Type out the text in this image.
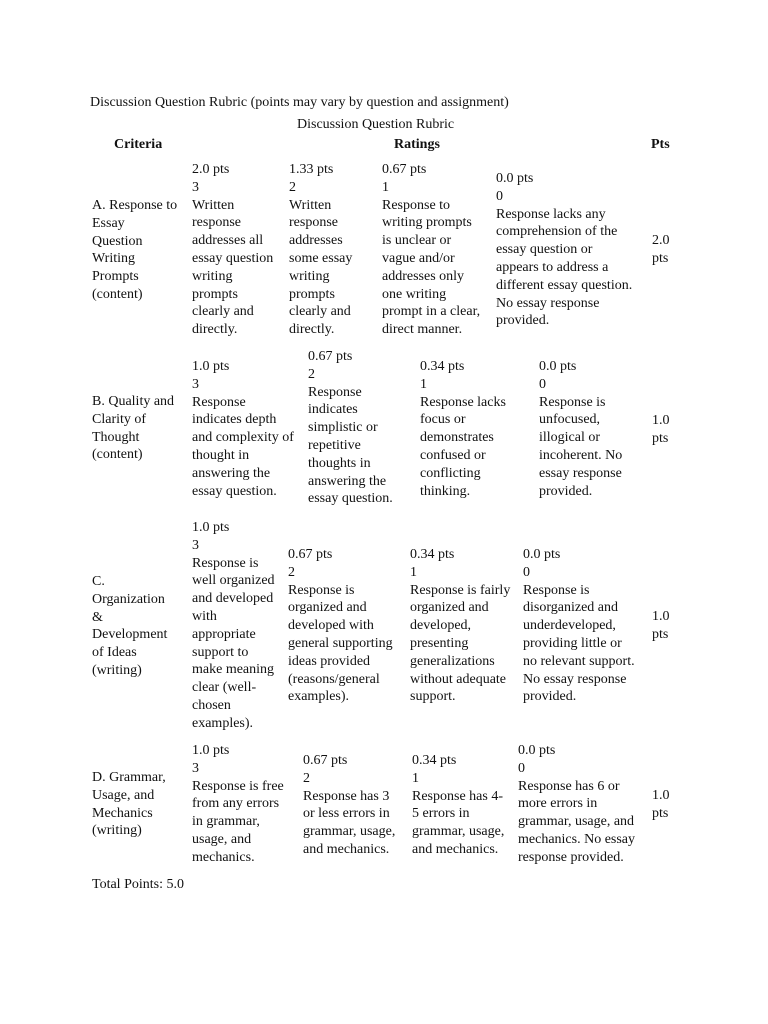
Discussion Question Rubric (points may vary by question and assignment)
Discussion Question Rubric
Criteria	Ratings	Pts
A. Response to
Essay
Question
Writing
Prompts
(content)
2.0
pts
2.0 pts
3
Written
response
addresses all
essay question
writing
prompts
clearly and
directly.
1.33 pts
2
Written
response
addresses
some essay
writing
prompts
clearly and
directly.
0.67 pts
1
Response to
writing prompts
is unclear or
vague and/or
addresses only
one writing
prompt in a clear,
direct manner.
0.0 pts
0
Response lacks any
comprehension of the
essay question or
appears to address a
different essay question.
No essay response
provided.
B. Quality and
Clarity of
Thought
(content)
1.0
pts
1.0 pts
3
Response
indicates depth
and complexity of
thought in
answering the
essay question.
0.67 pts
2
Response
indicates
simplistic or
repetitive
thoughts in
answering the
essay question.
0.34 pts
1
Response lacks
focus or
demonstrates
confused or
conflicting
thinking.
0.0 pts
0
Response is
unfocused,
illogical or
incoherent. No
essay response
provided.
C.
Organization
&
Development
of Ideas
(writing)
1.0
pts
1.0 pts
3
Response is
well organized
and developed
with
appropriate
support to
make meaning
clear (well-
chosen
examples).
0.67 pts
2
Response is
organized and
developed with
general supporting
ideas provided
(reasons/general
examples).
0.34 pts
1
Response is fairly
organized and
developed,
presenting
generalizations
without adequate
support.
0.0 pts
0
Response is
disorganized and
underdeveloped,
providing little or
no relevant support.
No essay response
provided.
D. Grammar,
Usage, and
Mechanics
(writing)
1.0
pts
1.0 pts
3
Response is free
from any errors
in grammar,
usage, and
mechanics.
0.67 pts
2
Response has 3
or less errors in
grammar, usage,
and mechanics.
0.34 pts
1
Response has 4-
5 errors in
grammar, usage,
and mechanics.
0.0 pts
0
Response has 6 or
more errors in
grammar, usage, and
mechanics. No essay
response provided.
Total Points: 5.0
